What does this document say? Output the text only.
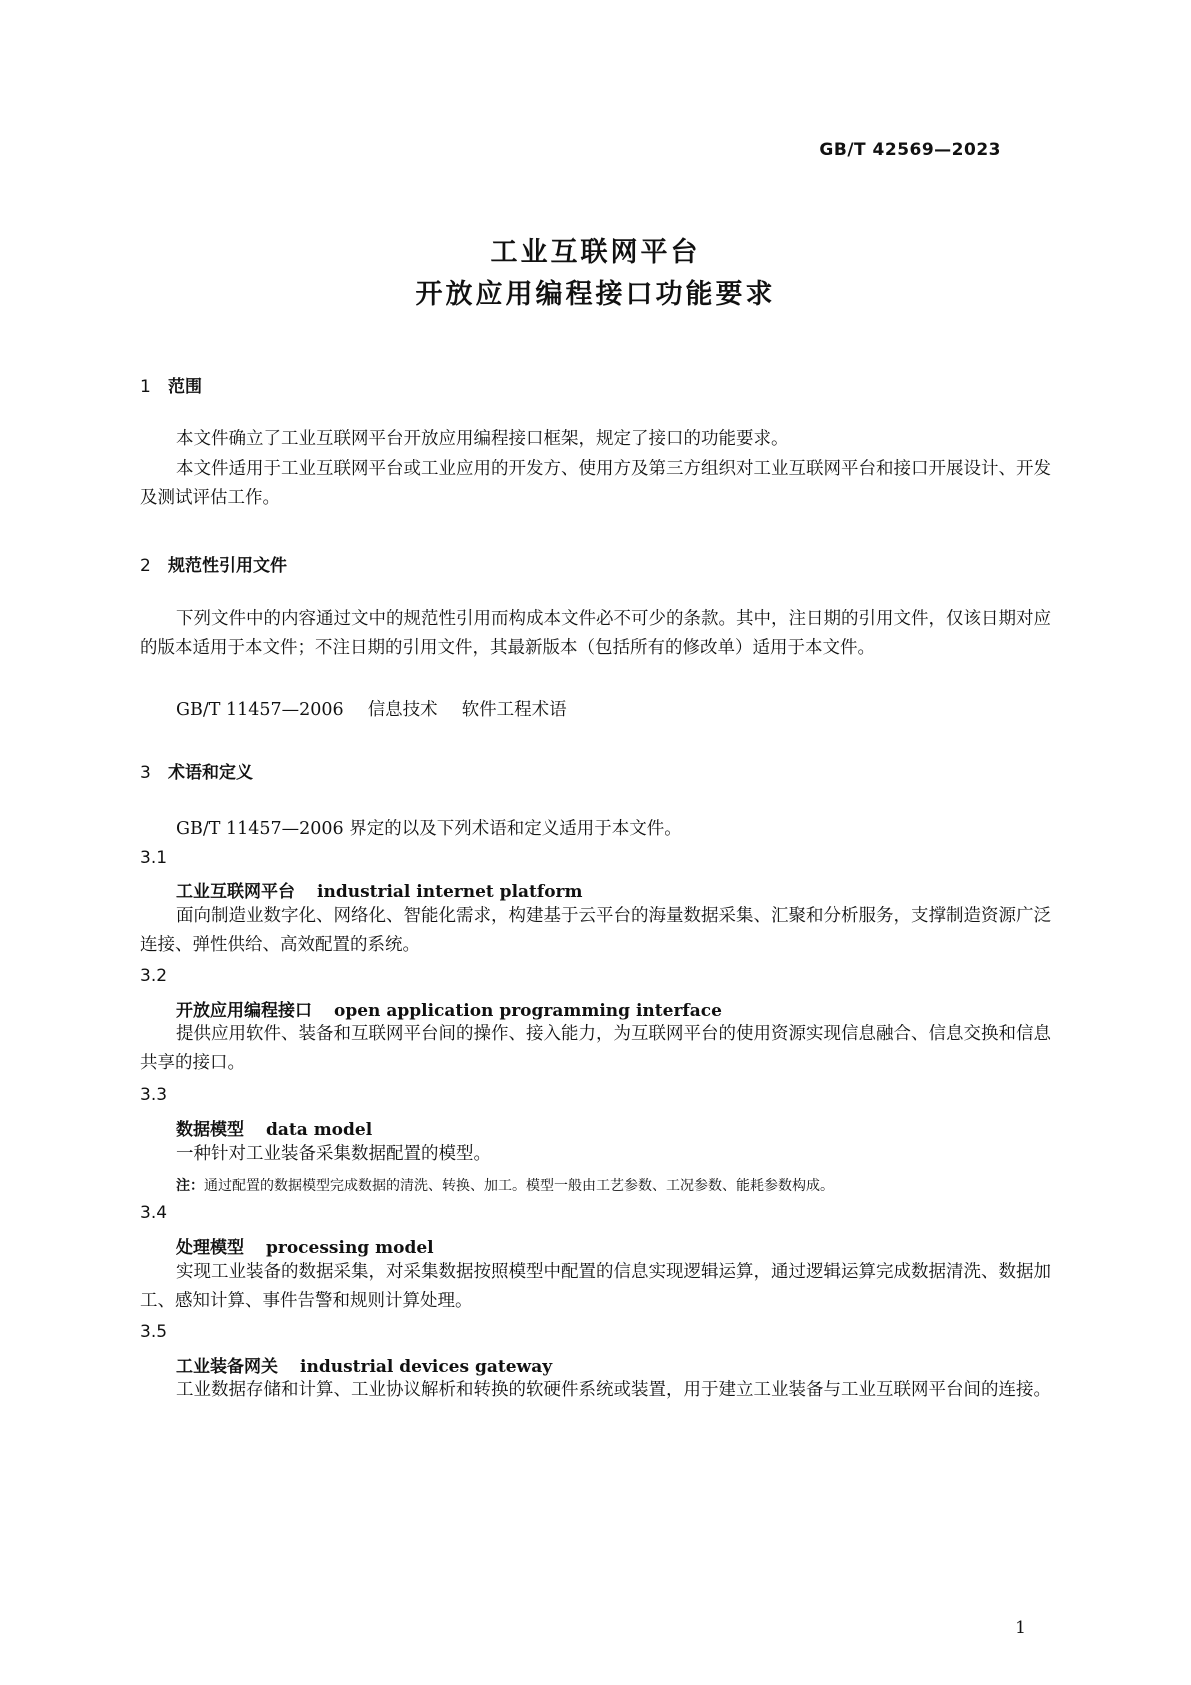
GB/T 42569—2023
工业互联网平台
开放应用编程接口功能要求
1 范围

本文件确立了工业互联网平台开放应用编程接口框架，规定了接口的功能要求。

本文件适用于工业互联网平台或工业应用的开发方、使用方及第三方组织对工业互联网平台和接口开展设计、开发及测试评估工作。

2 规范性引用文件

下列文件中的内容通过文中的规范性引用而构成本文件必不可少的条款。其中，注日期的引用文件，仅该日期对应的版本适用于本文件；不注日期的引用文件，其最新版本（包括所有的修改单）适用于本文件。

GB/T 11457—2006 信息技术 软件工程术语
3 术语和定义
GB/T 11457—2006 界定的以及下列术语和定义适用于本文件。
3.1
工业互联网平台 industrial internet platform

面向制造业数字化、网络化、智能化需求，构建基于云平台的海量数据采集、汇聚和分析服务，支撑制造资源广泛连接、弹性供给、高效配置的系统。

3.2
开放应用编程接口 open application programming interface

提供应用软件、装备和互联网平台间的操作、接入能力，为互联网平台的使用资源实现信息融合、信息交换和信息共享的接口。

3.3
数据模型 data model

一种针对工业装备采集数据配置的模型。

注：通过配置的数据模型完成数据的清洗、转换、加工。模型一般由工艺参数、工况参数、能耗参数构成。
3.4
处理模型 processing model

实现工业装备的数据采集，对采集数据按照模型中配置的信息实现逻辑运算，通过逻辑运算完成数据清洗、数据加工、感知计算、事件告警和规则计算处理。

3.5
工业装备网关 industrial devices gateway

工业数据存储和计算、工业协议解析和转换的软硬件系统或装置，用于建立工业装备与工业互联网平台间的连接。

1
